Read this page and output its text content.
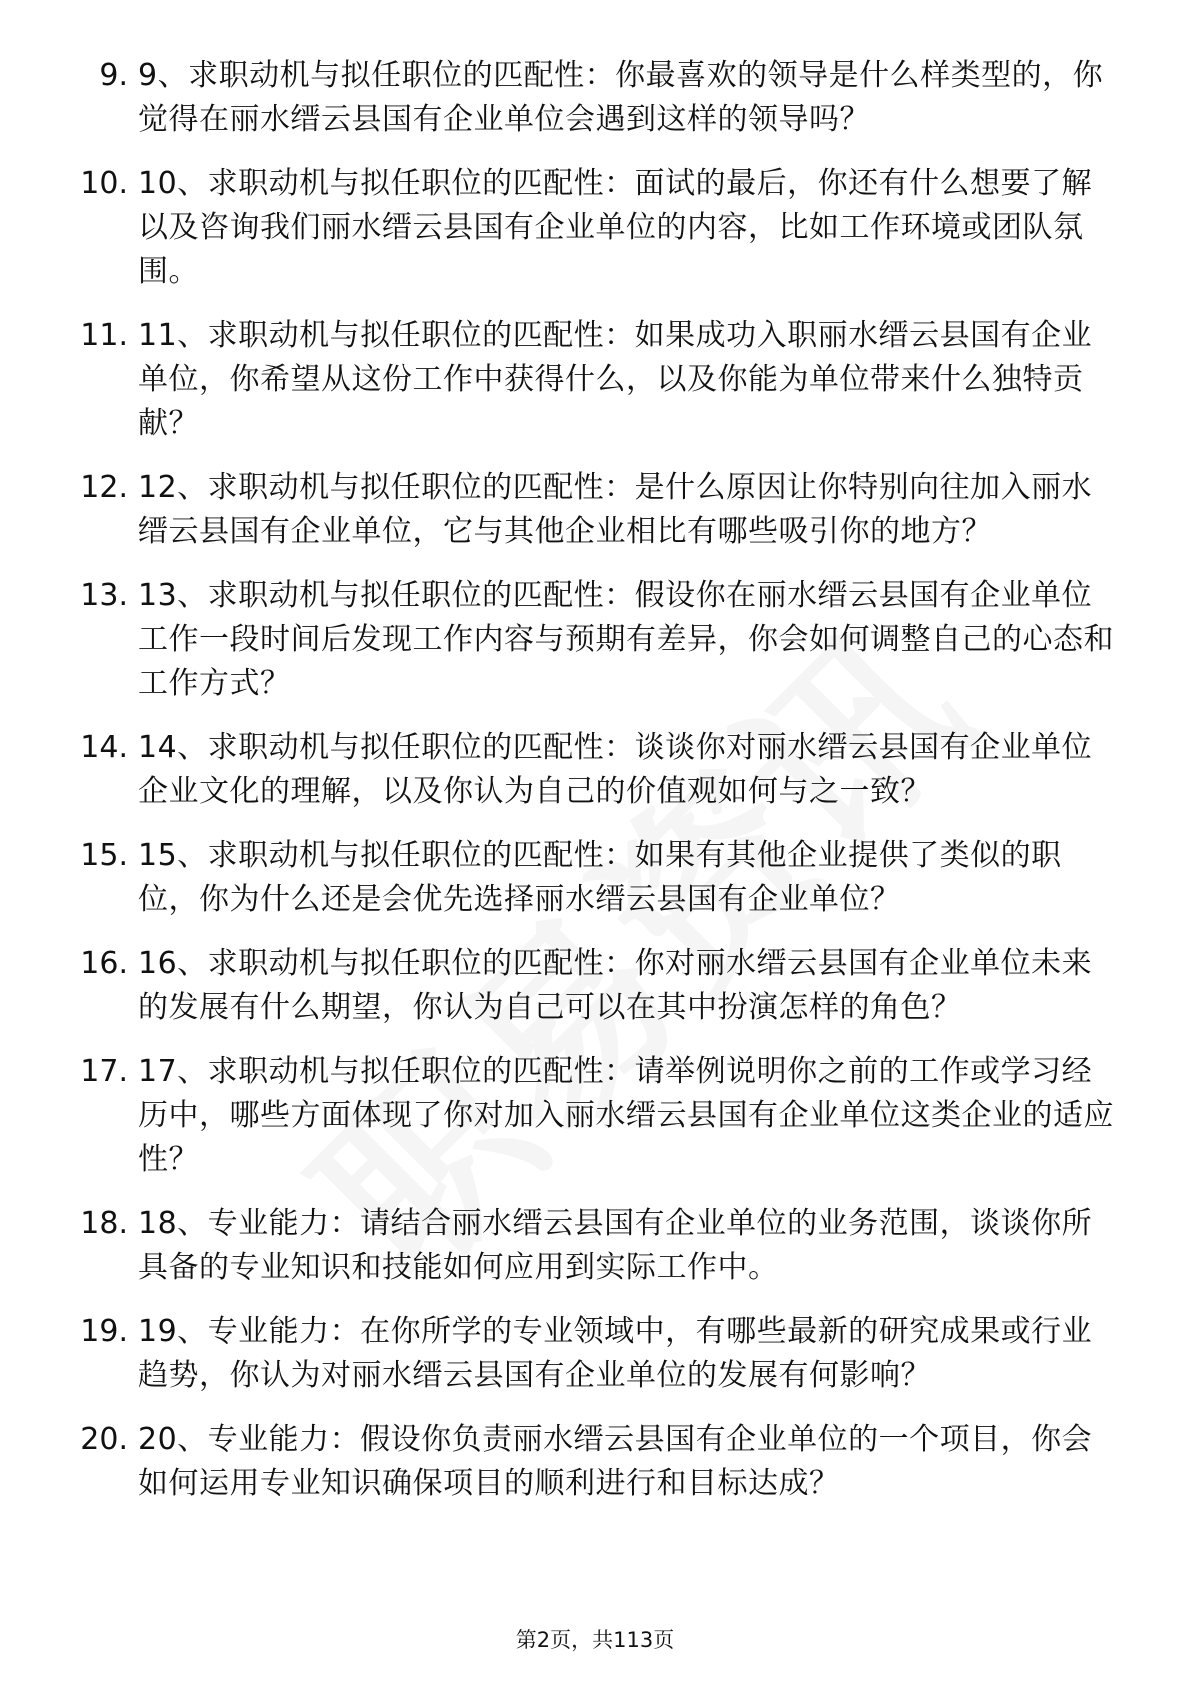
9. 9、求职动机与拟任职位的匹配性：你最喜欢的领导是什么样类型的，你觉得在丽水缙云县国有企业单位会遇到这样的领导吗？
10. 10、求职动机与拟任职位的匹配性：面试的最后，你还有什么想要了解以及咨询我们丽水缙云县国有企业单位的内容，比如工作环境或团队氛围。
11. 11、求职动机与拟任职位的匹配性：如果成功入职丽水缙云县国有企业单位，你希望从这份工作中获得什么，以及你能为单位带来什么独特贡献？
12. 12、求职动机与拟任职位的匹配性：是什么原因让你特别向往加入丽水缙云县国有企业单位，它与其他企业相比有哪些吸引你的地方？
13. 13、求职动机与拟任职位的匹配性：假设你在丽水缙云县国有企业单位工作一段时间后发现工作内容与预期有差异，你会如何调整自己的心态和工作方式？
14. 14、求职动机与拟任职位的匹配性：谈谈你对丽水缙云县国有企业单位企业文化的理解，以及你认为自己的价值观如何与之一致？
15. 15、求职动机与拟任职位的匹配性：如果有其他企业提供了类似的职位，你为什么还是会优先选择丽水缙云县国有企业单位？
16. 16、求职动机与拟任职位的匹配性：你对丽水缙云县国有企业单位未来的发展有什么期望，你认为自己可以在其中扮演怎样的角色？
17. 17、求职动机与拟任职位的匹配性：请举例说明你之前的工作或学习经历中，哪些方面体现了你对加入丽水缙云县国有企业单位这类企业的适应性？
18. 18、专业能力：请结合丽水缙云县国有企业单位的业务范围，谈谈你所具备的专业知识和技能如何应用到实际工作中。
19. 19、专业能力：在你所学的专业领域中，有哪些最新的研究成果或行业趋势，你认为对丽水缙云县国有企业单位的发展有何影响？
20. 20、专业能力：假设你负责丽水缙云县国有企业单位的一个项目，你会如何运用专业知识确保项目的顺利进行和目标达成？
第2页，共113页
